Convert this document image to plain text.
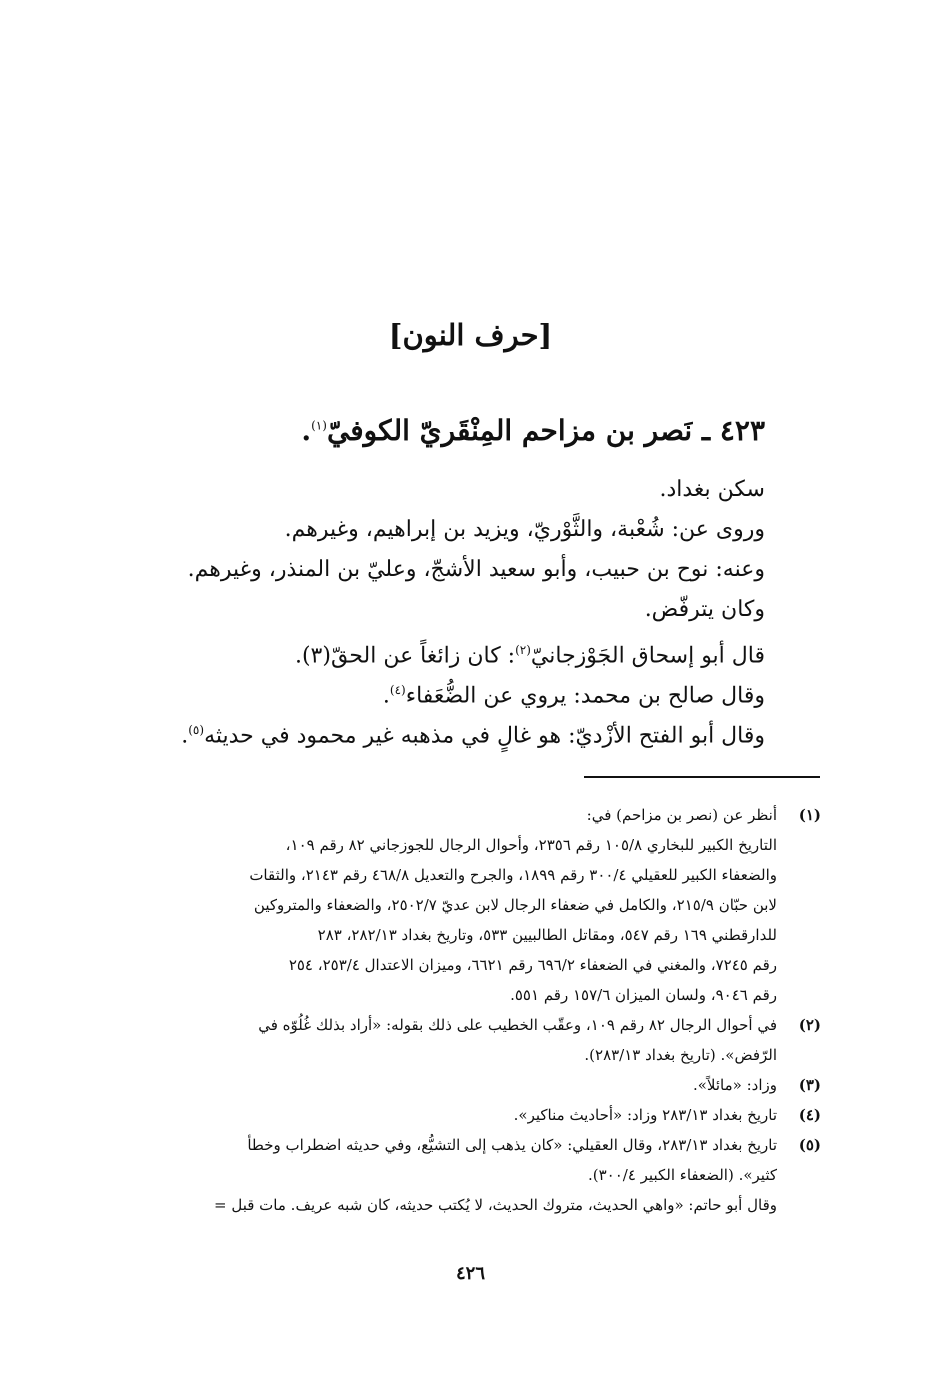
[حرف النون]
٤٢٣ ـ نَصر بن مزاحم المِنْقَريّ الكوفيّ$^{(١)}$.
سكن بغداد.
وروى عن: شُعْبة، والثَّوْريّ، ويزيد بن إبراهيم، وغيرهم.
وعنه: نوح بن حبيب، وأبو سعيد الأشجّ، وعليّ بن المنذر، وغيرهم.
وكان يترفّض.
قال أبو إسحاق الجَوْزجانيّ$^{(٢)}$: كان زائغاً عن الحقّ(٣).
وقال صالح بن محمد: يروي عن الضُّعَفاء$^{(٤)}$.
وقال أبو الفتح الأزْديّ: هو غالٍ في مذهبه غير محمود في حديثه$^{(٥)}$.
(١)
أنظر عن (نصر بن مزاحم) في:
التاريخ الكبير للبخاري ١٠٥/٨ رقم ٢٣٥٦، وأحوال الرجال للجوزجاني ٨٢ رقم ١٠٩،
والضعفاء الكبير للعقيلي ٣٠٠/٤ رقم ١٨٩٩، والجرح والتعديل ٤٦٨/٨ رقم ٢١٤٣، والثقات
لابن حبّان ٢١٥/٩، والكامل في ضعفاء الرجال لابن عديّ ٢٥٠٢/٧، والضعفاء والمتروكين
للدارقطني ١٦٩ رقم ٥٤٧، ومقاتل الطالبيين ٥٣٣، وتاريخ بغداد ٢٨٢/١٣، ٢٨٣
رقم ٧٢٤٥، والمغني في الضعفاء ٦٩٦/٢ رقم ٦٦٢١، وميزان الاعتدال ٢٥٣/٤، ٢٥٤
رقم ٩٠٤٦، ولسان الميزان ١٥٧/٦ رقم ٥٥١.
(٢)
في أحوال الرجال ٨٢ رقم ١٠٩، وعقّب الخطيب على ذلك بقوله: «أراد بذلك غُلُوّه في
الرّفض». (تاريخ بغداد ٢٨٣/١٣).
(٣)
وزاد: «مائلاً».
(٤)
تاريخ بغداد ٢٨٣/١٣ وزاد: «أحاديث مناكير».
(٥)
تاريخ بغداد ٢٨٣/١٣، وقال العقيلي: «كان يذهب إلى التشيُّع، وفي حديثه اضطراب وخطأ
كثير». (الضعفاء الكبير ٣٠٠/٤).
وقال أبو حاتم: «واهي الحديث، متروك الحديث، لا يُكتب حديثه، كان شبه عريف. مات قبل =
٤٢٦
